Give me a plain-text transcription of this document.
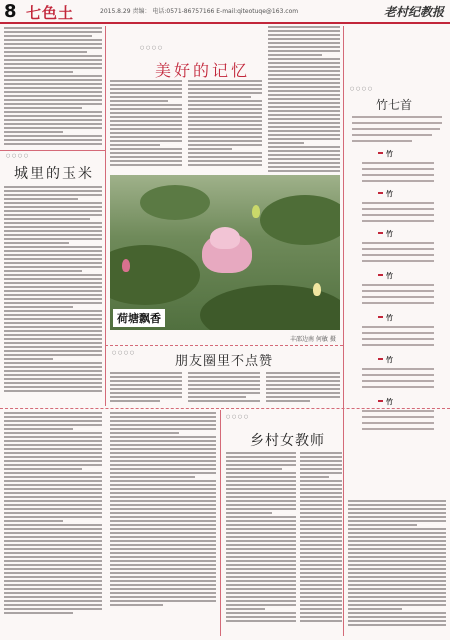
8 七色土	2015.8.29 责编： 电话:0571-86757166 E-mail:qiteotuqe@163.com	老村纪教报
○ ○ ○ ○
城里的玉米
○ ○ ○ ○
美好的记忆
荷塘飘香
丰邵边南 何敏 摄
○ ○ ○ ○
朋友圈里不点赞
○ ○ ○ ○
乡村女教师
○ ○ ○ ○
竹七首
竹
竹
竹
竹
竹
竹
竹
